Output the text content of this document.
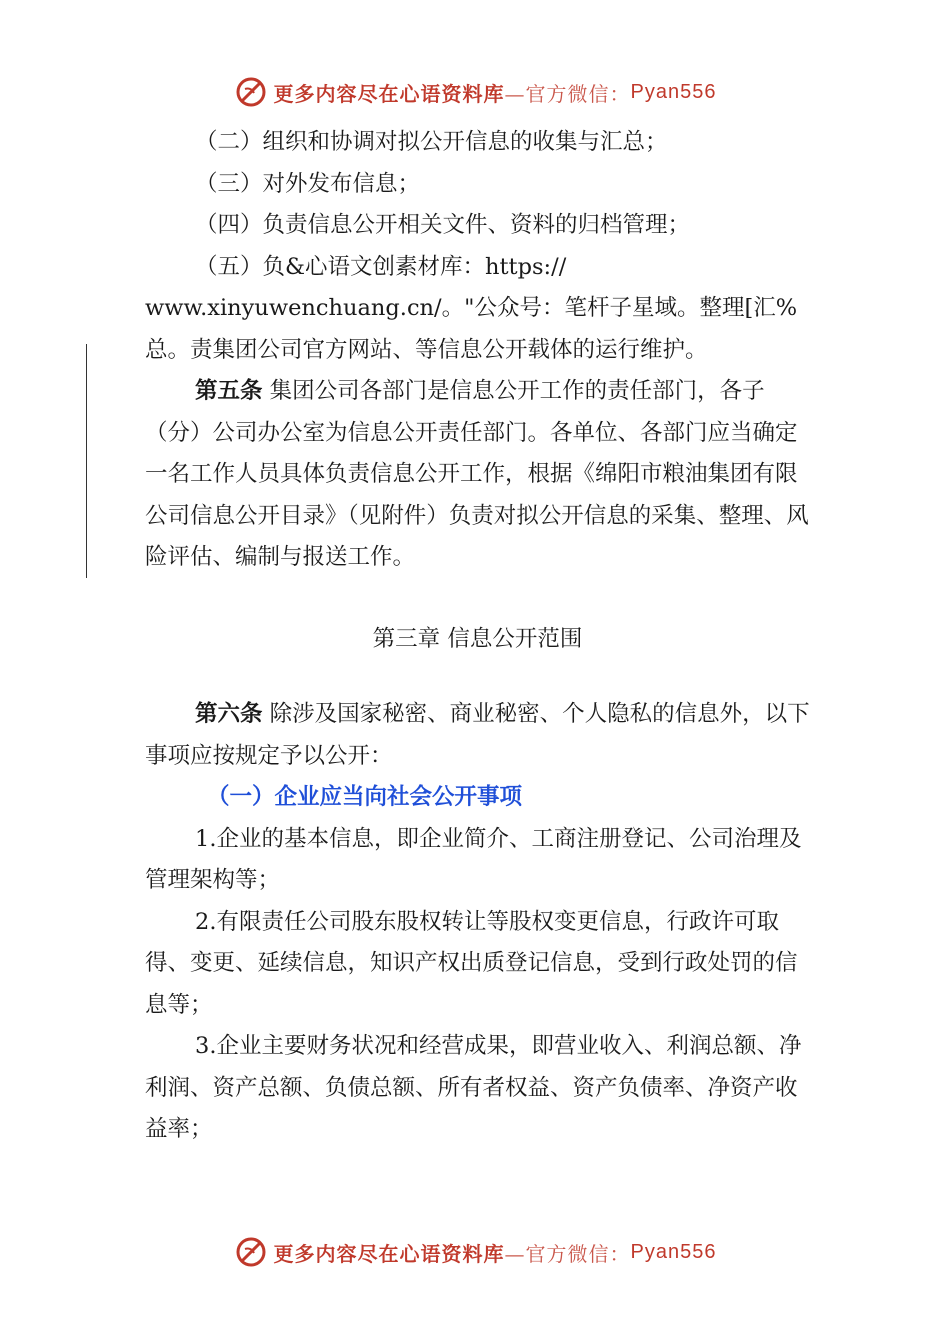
更多内容尽在心语资料库 —官方微信： Pyan556

（二）组织和协调对拟公开信息的收集与汇总；

（三）对外发布信息；

（四）负责信息公开相关文件、资料的归档管理；

（五）负&心语文创素材库：https://

www.xinyuwenchuang.cn/。"公众号：笔杆子星域。整理[汇%总。责集团公司官方网站、等信息公开载体的运行维护。

第五条 集团公司各部门是信息公开工作的责任部门，各子（分）公司办公室为信息公开责任部门。各单位、各部门应当确定一名工作人员具体负责信息公开工作，根据《绵阳市粮油集团有限公司信息公开目录》（见附件）负责对拟公开信息的采集、整理、风险评估、编制与报送工作。

第三章 信息公开范围

第六条 除涉及国家秘密、商业秘密、个人隐私的信息外，以下事项应按规定予以公开：

（一）企业应当向社会公开事项

1.企业的基本信息，即企业简介、工商注册登记、公司治理及管理架构等；

2.有限责任公司股东股权转让等股权变更信息，行政许可取得、变更、延续信息，知识产权出质登记信息，受到行政处罚的信息等；

3.企业主要财务状况和经营成果，即营业收入、利润总额、净利润、资产总额、负债总额、所有者权益、资产负债率、净资产收益率；

更多内容尽在心语资料库 —官方微信： Pyan556
